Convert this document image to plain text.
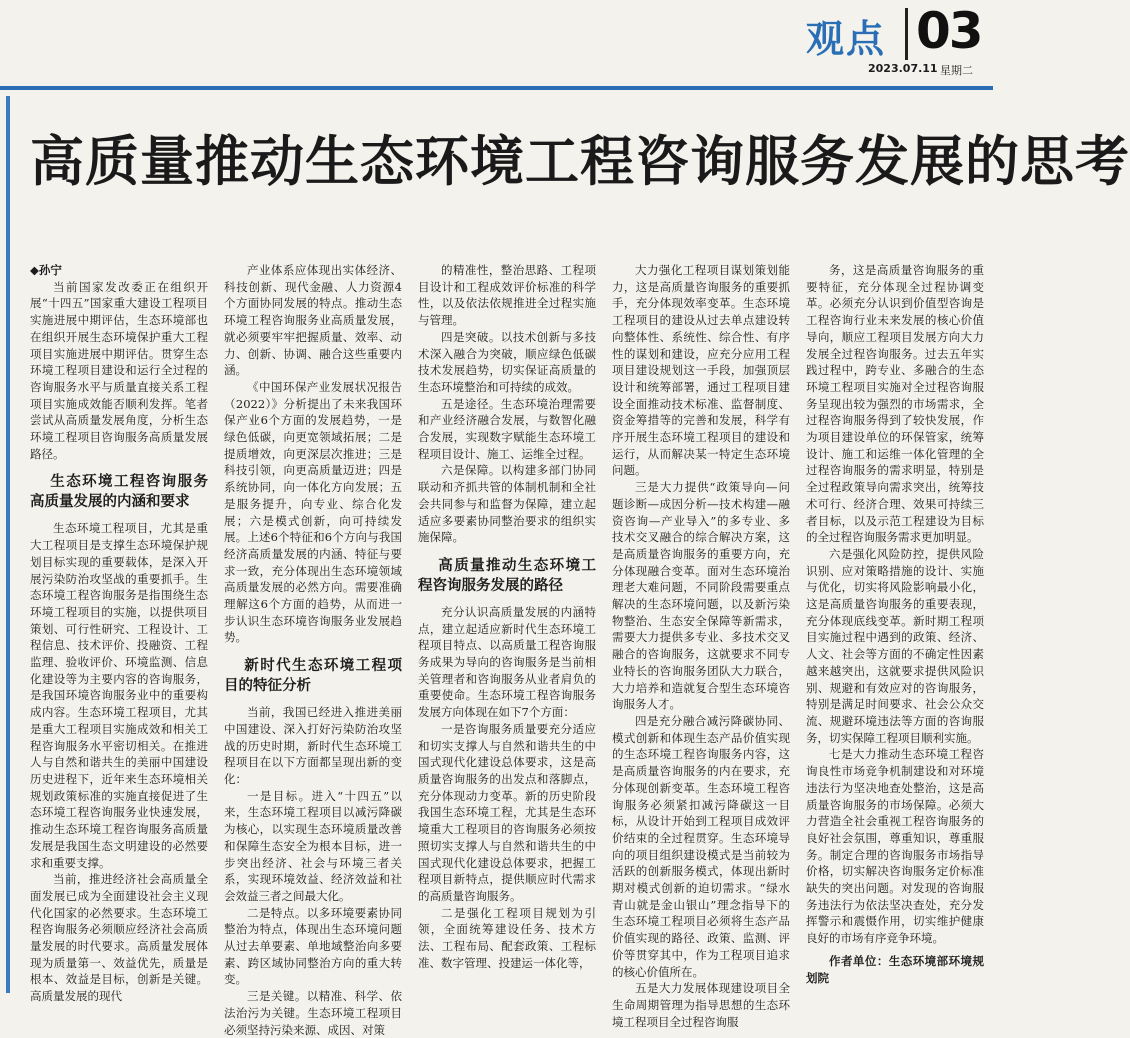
观点 03
2023.07.11 星期二
高质量推动生态环境工程咨询服务发展的思考

◆孙宁

当前国家发改委正在组织开展“十四五”国家重大建设工程项目实施进展中期评估，生态环境部也在组织开展生态环境保护重大工程项目实施进展中期评估。贯穿生态环境工程项目建设和运行全过程的咨询服务水平与质量直接关系工程项目实施成效能否顺利发挥。笔者尝试从高质量发展角度，分析生态环境工程项目咨询服务高质量发展路径。

生态环境工程咨询服务高质量发展的内涵和要求

生态环境工程项目，尤其是重大工程项目是支撑生态环境保护规划目标实现的重要载体，是深入开展污染防治攻坚战的重要抓手。生态环境工程咨询服务是指围绕生态环境工程项目的实施，以提供项目策划、可行性研究、工程设计、工程信息、技术评价、投融资、工程监理、验收评价、环境监测、信息化建设等为主要内容的咨询服务，是我国环境咨询服务业中的重要构成内容。生态环境工程项目，尤其是重大工程项目实施成效和相关工程咨询服务水平密切相关。在推进人与自然和谐共生的美丽中国建设历史进程下，近年来生态环境相关规划政策标准的实施直接促进了生态环境工程咨询服务业快速发展，推动生态环境工程咨询服务高质量发展是我国生态文明建设的必然要求和重要支撑。

当前，推进经济社会高质量全面发展已成为全面建设社会主义现代化国家的必然要求。生态环境工程咨询服务必须顺应经济社会高质量发展的时代要求。高质量发展体现为质量第一、效益优先，质量是根本、效益是目标，创新是关键。高质量发展的现代

产业体系应体现出实体经济、科技创新、现代金融、人力资源4个方面协同发展的特点。推动生态环境工程咨询服务业高质量发展，就必须要牢牢把握质量、效率、动力、创新、协调、融合这些重要内涵。

《中国环保产业发展状况报告（2022）》分析提出了未来我国环保产业6个方面的发展趋势，一是绿色低碳，向更宽领域拓展；二是提质增效，向更深层次推进；三是科技引领，向更高质量迈进；四是系统协同，向一体化方向发展；五是服务提升，向专业、综合化发展；六是模式创新，向可持续发展。上述6个特征和6个方向与我国经济高质量发展的内涵、特征与要求一致，充分体现出生态环境领域高质量发展的必然方向。需要准确理解这6个方面的趋势，从而进一步认识生态环境咨询服务业发展趋势。

新时代生态环境工程项目的特征分析

当前，我国已经进入推进美丽中国建设、深入打好污染防治攻坚战的历史时期，新时代生态环境工程项目在以下方面都呈现出新的变化：

一是目标。进入“十四五”以来，生态环境工程项目以减污降碳为核心，以实现生态环境质量改善和保障生态安全为根本目标，进一步突出经济、社会与环境三者关系，实现环境效益、经济效益和社会效益三者之间最大化。

二是特点。以多环境要素协同整治为特点，体现出生态环境问题从过去单要素、单地域整治向多要素、跨区域协同整治方向的重大转变。

三是关键。以精准、科学、依法治污为关键。生态环境工程项目必须坚持污染来源、成因、对策

的精准性，整治思路、工程项目设计和工程成效评价标准的科学性，以及依法依规推进全过程实施与管理。

四是突破。以技术创新与多技术深入融合为突破，顺应绿色低碳技术发展趋势，切实保证高质量的生态环境整治和可持续的成效。

五是途径。生态环境治理需要和产业经济融合发展，与数智化融合发展，实现数字赋能生态环境工程项目设计、施工、运维全过程。

六是保障。以构建多部门协同联动和齐抓共管的体制机制和全社会共同参与和监督为保障，建立起适应多要素协同整治要求的组织实施保障。

高质量推动生态环境工程咨询服务发展的路径

充分认识高质量发展的内涵特点，建立起适应新时代生态环境工程项目特点、以高质量工程咨询服务成果为导向的咨询服务是当前相关管理者和咨询服务从业者肩负的重要使命。生态环境工程咨询服务发展方向体现在如下7个方面：

一是咨询服务质量要充分适应和切实支撑人与自然和谐共生的中国式现代化建设总体要求，这是高质量咨询服务的出发点和落脚点，充分体现动力变革。新的历史阶段我国生态环境工程，尤其是生态环境重大工程项目的咨询服务必须按照切实支撑人与自然和谐共生的中国式现代化建设总体要求，把握工程项目新特点，提供顺应时代需求的高质量咨询服务。

二是强化工程项目规划为引领，全面统筹建设任务、技术方法、工程布局、配套政策、工程标准、数字管理、投建运一体化等，

大力强化工程项目谋划策划能力，这是高质量咨询服务的重要抓手，充分体现效率变革。生态环境工程项目的建设从过去单点建设转向整体性、系统性、综合性、有序性的谋划和建设，应充分应用工程项目建设规划这一手段，加强顶层设计和统筹部署，通过工程项目建设全面推动技术标准、监督制度、资金筹措等的完善和发展，科学有序开展生态环境工程项目的建设和运行，从而解决某一特定生态环境问题。

三是大力提供“政策导向—问题诊断—成因分析—技术构建—融资咨询—产业导入”的多专业、多技术交叉融合的综合解决方案，这是高质量咨询服务的重要方向，充分体现融合变革。面对生态环境治理老大难问题，不同阶段需要重点解决的生态环境问题，以及新污染物整治、生态安全保障等新需求，需要大力提供多专业、多技术交叉融合的咨询服务，这就要求不同专业特长的咨询服务团队大力联合，大力培养和造就复合型生态环境咨询服务人才。

四是充分融合减污降碳协同、模式创新和体现生态产品价值实现的生态环境工程咨询服务内容，这是高质量咨询服务的内在要求，充分体现创新变革。生态环境工程咨询服务必须紧扣减污降碳这一目标，从设计开始到工程项目成效评价结束的全过程贯穿。生态环境导向的项目组织建设模式是当前较为活跃的创新服务模式，体现出新时期对模式创新的迫切需求。“绿水青山就是金山银山”理念指导下的生态环境工程项目必须将生态产品价值实现的路径、政策、监测、评价等贯穿其中，作为工程项目追求的核心价值所在。

五是大力发展体现建设项目全生命周期管理为指导思想的生态环境工程项目全过程咨询服

务，这是高质量咨询服务的重要特征，充分体现全过程协调变革。必须充分认识到价值型咨询是工程咨询行业未来发展的核心价值导向，顺应工程项目发展方向大力发展全过程咨询服务。过去五年实践过程中，跨专业、多融合的生态环境工程项目实施对全过程咨询服务呈现出较为强烈的市场需求，全过程咨询服务得到了较快发展，作为项目建设单位的环保管家，统筹设计、施工和运维一体化管理的全过程咨询服务的需求明显，特别是全过程政策导向需求突出，统筹技术可行、经济合理、效果可持续三者目标，以及示范工程建设为目标的全过程咨询服务需求更加明显。

六是强化风险防控，提供风险识别、应对策略措施的设计、实施与优化，切实将风险影响最小化，这是高质量咨询服务的重要表现，充分体现底线变革。新时期工程项目实施过程中遇到的政策、经济、人文、社会等方面的不确定性因素越来越突出，这就要求提供风险识别、规避和有效应对的咨询服务，特别是满足时间要求、社会公众交流、规避环境违法等方面的咨询服务，切实保障工程项目顺利实施。

七是大力推动生态环境工程咨询良性市场竞争机制建设和对环境违法行为坚决地查处整治，这是高质量咨询服务的市场保障。必须大力营造全社会重视工程咨询服务的良好社会氛围，尊重知识，尊重服务。制定合理的咨询服务市场指导价格，切实解决咨询服务定价标准缺失的突出问题。对发现的咨询服务违法行为依法坚决查处，充分发挥警示和震慑作用，切实维护健康良好的市场有序竞争环境。

作者单位：生态环境部环境规划院
